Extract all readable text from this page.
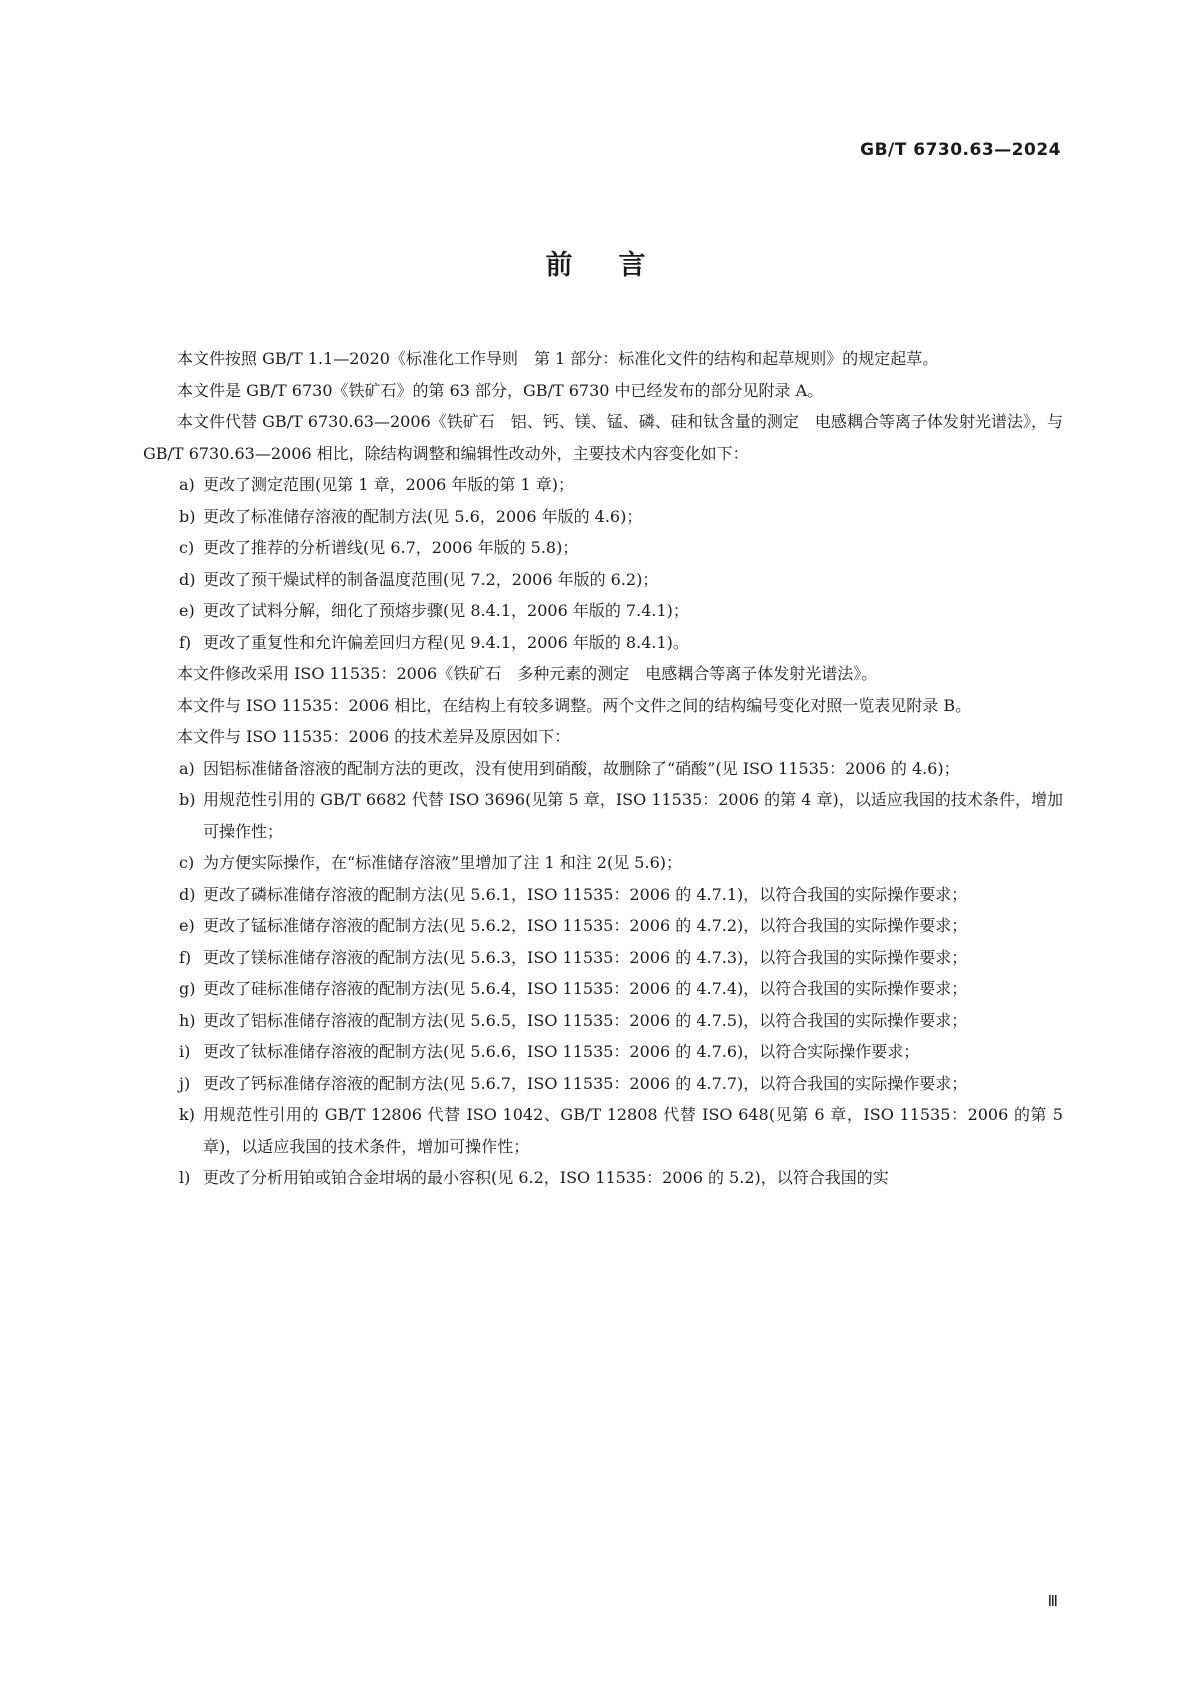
GB/T 6730.63—2024
前言

本文件按照 GB/T 1.1—2020《标准化工作导则　第 1 部分：标准化文件的结构和起草规则》的规定起草。

本文件是 GB/T 6730《铁矿石》的第 63 部分，GB/T 6730 中已经发布的部分见附录 A。

本文件代替 GB/T 6730.63—2006《铁矿石　铝、钙、镁、锰、磷、硅和钛含量的测定　电感耦合等离子体发射光谱法》，与 GB/T 6730.63—2006 相比，除结构调整和编辑性改动外，主要技术内容变化如下：

a) 更改了测定范围(见第 1 章，2006 年版的第 1 章)；

b) 更改了标准储存溶液的配制方法(见 5.6，2006 年版的 4.6)；

c) 更改了推荐的分析谱线(见 6.7，2006 年版的 5.8)；

d) 更改了预干燥试样的制备温度范围(见 7.2，2006 年版的 6.2)；

e) 更改了试料分解，细化了预熔步骤(见 8.4.1，2006 年版的 7.4.1)；

f) 更改了重复性和允许偏差回归方程(见 9.4.1，2006 年版的 8.4.1)。

本文件修改采用 ISO 11535：2006《铁矿石　多种元素的测定　电感耦合等离子体发射光谱法》。

本文件与 ISO 11535：2006 相比，在结构上有较多调整。两个文件之间的结构编号变化对照一览表见附录 B。

本文件与 ISO 11535：2006 的技术差异及原因如下：

a) 因铝标准储备溶液的配制方法的更改，没有使用到硝酸，故删除了“硝酸”(见 ISO 11535：2006 的 4.6)；

b) 用规范性引用的 GB/T 6682 代替 ISO 3696(见第 5 章，ISO 11535：2006 的第 4 章)，以适应我国的技术条件，增加可操作性；

c) 为方便实际操作，在“标准储存溶液”里增加了注 1 和注 2(见 5.6)；

d) 更改了磷标准储存溶液的配制方法(见 5.6.1，ISO 11535：2006 的 4.7.1)，以符合我国的实际操作要求；

e) 更改了锰标准储存溶液的配制方法(见 5.6.2，ISO 11535：2006 的 4.7.2)，以符合我国的实际操作要求；

f) 更改了镁标准储存溶液的配制方法(见 5.6.3，ISO 11535：2006 的 4.7.3)，以符合我国的实际操作要求；

g) 更改了硅标准储存溶液的配制方法(见 5.6.4，ISO 11535：2006 的 4.7.4)，以符合我国的实际操作要求；

h) 更改了铝标准储存溶液的配制方法(见 5.6.5，ISO 11535：2006 的 4.7.5)，以符合我国的实际操作要求；

i) 更改了钛标准储存溶液的配制方法(见 5.6.6，ISO 11535：2006 的 4.7.6)，以符合实际操作要求；

j) 更改了钙标准储存溶液的配制方法(见 5.6.7，ISO 11535：2006 的 4.7.7)，以符合我国的实际操作要求；

k) 用规范性引用的 GB/T 12806 代替 ISO 1042、GB/T 12808 代替 ISO 648(见第 6 章，ISO 11535：2006 的第 5 章)，以适应我国的技术条件，增加可操作性；

l) 更改了分析用铂或铂合金坩埚的最小容积(见 6.2，ISO 11535：2006 的 5.2)，以符合我国的实

Ⅲ
